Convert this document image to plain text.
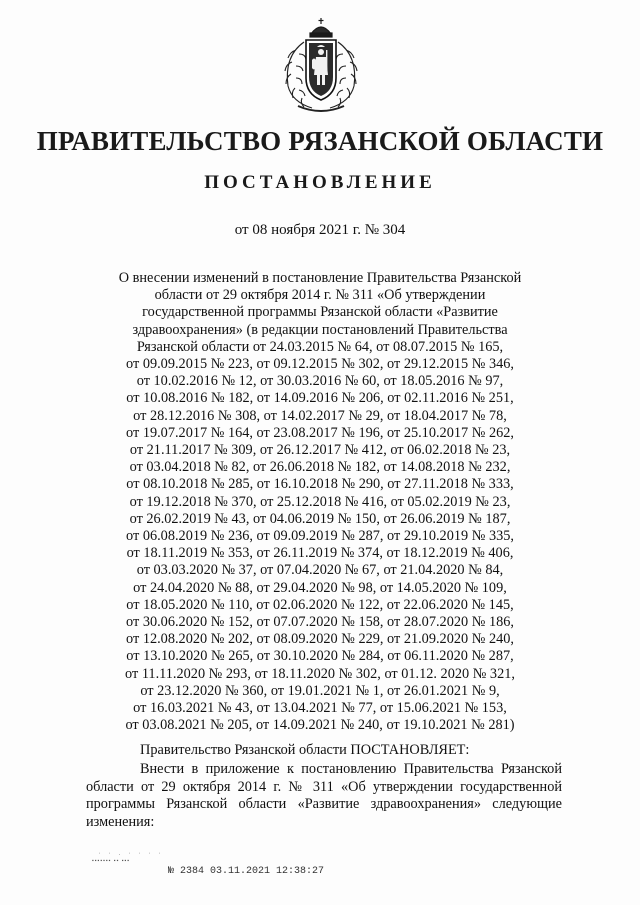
ПРАВИТЕЛЬСТВО РЯЗАНСКОЙ ОБЛАСТИ
ПОСТАНОВЛЕНИЕ
от 08 ноября 2021 г. № 304
О внесении изменений в постановление Правительства Рязанской
области от 29 октября 2014 г. № 311 «Об утверждении
государственной программы Рязанской области «Развитие
здравоохранения» (в редакции постановлений Правительства
Рязанской области от 24.03.2015 № 64, от 08.07.2015 № 165,
от 09.09.2015 № 223, от 09.12.2015 № 302, от 29.12.2015 № 346,
от 10.02.2016 № 12, от 30.03.2016 № 60, от 18.05.2016 № 97,
от 10.08.2016 № 182, от 14.09.2016 № 206, от 02.11.2016 № 251,
от 28.12.2016 № 308, от 14.02.2017 № 29, от 18.04.2017 № 78,
от 19.07.2017 № 164, от 23.08.2017 № 196, от 25.10.2017 № 262,
от 21.11.2017 № 309, от 26.12.2017 № 412, от 06.02.2018 № 23,
от 03.04.2018 № 82, от 26.06.2018 № 182, от 14.08.2018 № 232,
от 08.10.2018 № 285, от 16.10.2018 № 290, от 27.11.2018 № 333,
от 19.12.2018 № 370, от 25.12.2018 № 416, от 05.02.2019 № 23,
от 26.02.2019 № 43, от 04.06.2019 № 150, от 26.06.2019 № 187,
от 06.08.2019 № 236, от 09.09.2019 № 287, от 29.10.2019 № 335,
от 18.11.2019 № 353, от 26.11.2019 № 374, от 18.12.2019 № 406,
от 03.03.2020 № 37, от 07.04.2020 № 67, от 21.04.2020 № 84,
от 24.04.2020 № 88, от 29.04.2020 № 98, от 14.05.2020 № 109,
от 18.05.2020 № 110, от 02.06.2020 № 122, от 22.06.2020 № 145,
от 30.06.2020 № 152, от 07.07.2020 № 158, от 28.07.2020 № 186,
от 12.08.2020 № 202, от 08.09.2020 № 229, от 21.09.2020 № 240,
от 13.10.2020 № 265, от 30.10.2020 № 284, от 06.11.2020 № 287,
от 11.11.2020 № 293, от 18.11.2020 № 302, от 01.12. 2020 № 321,
от 23.12.2020 № 360, от 19.01.2021 № 1, от 26.01.2021 № 9,
от 16.03.2021 № 43, от 13.04.2021 № 77, от 15.06.2021 № 153,
от 03.08.2021 № 205, от 14.09.2021 № 240, от 19.10.2021 № 281)
Правительство Рязанской области ПОСТАНОВЛЯЕТ:
Внести в приложение к постановлению Правительства Рязанской области от 29 октября 2014 г. № 311 «Об утверждении государственной программы Рязанской области «Развитие здравоохранения» следующие изменения:
· · . · · · ·
▪▪▪▪▪▪▪ ▪▪ ▪▪▪
№ 2384 03.11.2021 12:38:27
